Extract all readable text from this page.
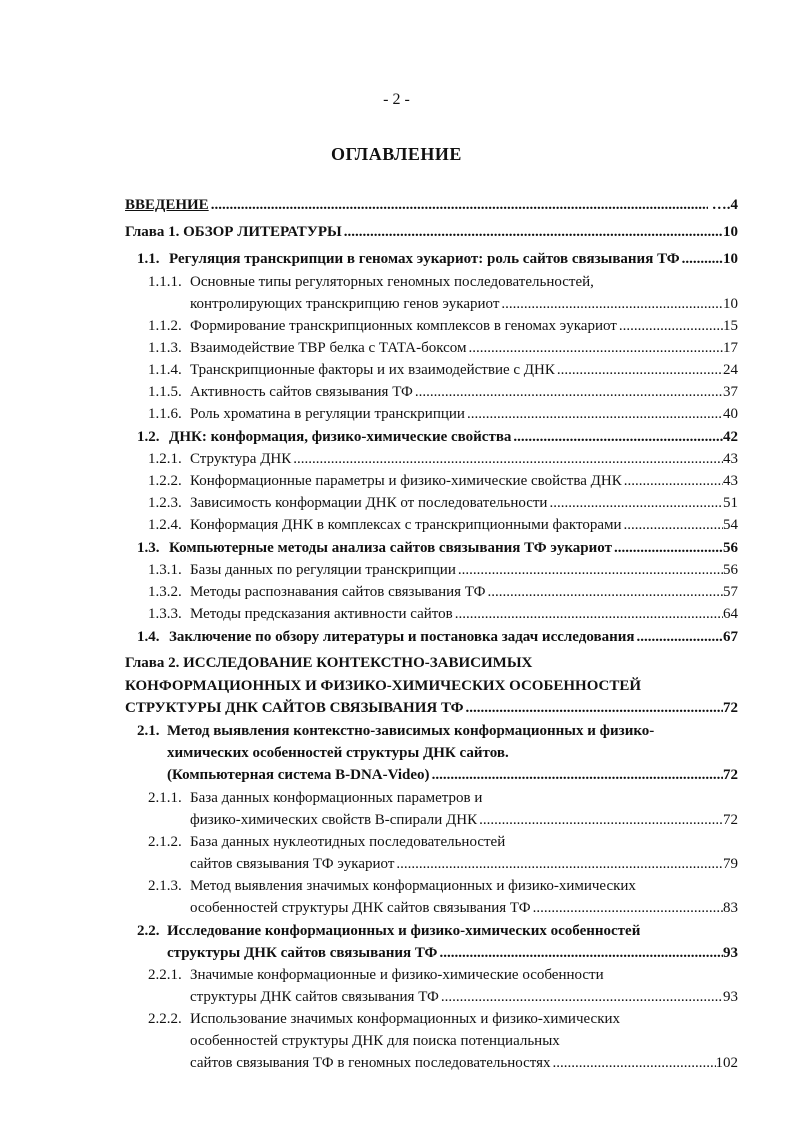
- 2 -
ОГЛАВЛЕНИЕ
ВВЕДЕНИЕ .....	….4
Глава 1. ОБЗОР ЛИТЕРАТУРЫ .....	10
1.1. Регуляция транскрипции в геномах эукариот: роль сайтов связывания ТФ .....	10
1.1.1. Основные типы регуляторных геномных последовательностей,
контролирующих транскрипцию генов эукариот .....	10
1.1.2. Формирование транскрипционных комплексов в геномах эукариот .....	15
1.1.3. Взаимодействие ТВР белка с ТАТА-боксом .....	17
1.1.4. Транскрипционные факторы и их взаимодействие с ДНК .....	24
1.1.5. Активность сайтов связывания ТФ .....	37
1.1.6. Роль хроматина в регуляции транскрипции .....	40
1.2. ДНК: конформация, физико-химические свойства .....	42
1.2.1. Структура ДНК .....	43
1.2.2. Конформационные параметры и физико-химические свойства ДНК .....	43
1.2.3. Зависимость конформации ДНК от последовательности .....	51
1.2.4. Конформация ДНК в комплексах с транскрипционными факторами .....	54
1.3. Компьютерные методы анализа сайтов связывания ТФ эукариот .....	56
1.3.1. Базы данных по регуляции транскрипции .....	56
1.3.2. Методы распознавания сайтов связывания ТФ .....	57
1.3.3. Методы предсказания активности сайтов .....	64
1.4. Заключение по обзору литературы и постановка задач исследования .....	67
Глава 2. ИССЛЕДОВАНИЕ КОНТЕКСТНО-ЗАВИСИМЫХ
КОНФОРМАЦИОННЫХ И ФИЗИКО-ХИМИЧЕСКИХ ОСОБЕННОСТЕЙ
СТРУКТУРЫ ДНК САЙТОВ СВЯЗЫВАНИЯ ТФ .....	72
2.1. Метод выявления контекстно-зависимых конформационных и физико-
химических особенностей структуры ДНК сайтов.
(Компьютерная система B-DNA-Video) .....	72
2.1.1. База данных конформационных параметров и
физико-химических свойств В-спирали ДНК .....	72
2.1.2. База данных нуклеотидных последовательностей
сайтов связывания ТФ эукариот .....	79
2.1.3. Метод выявления значимых конформационных и физико-химических
особенностей структуры ДНК сайтов связывания ТФ .....	83
2.2. Исследование конформационных и физико-химических особенностей
структуры ДНК сайтов связывания ТФ .....	93
2.2.1. Значимые конформационные и физико-химические особенности
структуры ДНК сайтов связывания ТФ .....	93
2.2.2. Использование значимых конформационных и физико-химических
особенностей структуры ДНК для поиска потенциальных
сайтов связывания ТФ в геномных последовательностях .....	102
